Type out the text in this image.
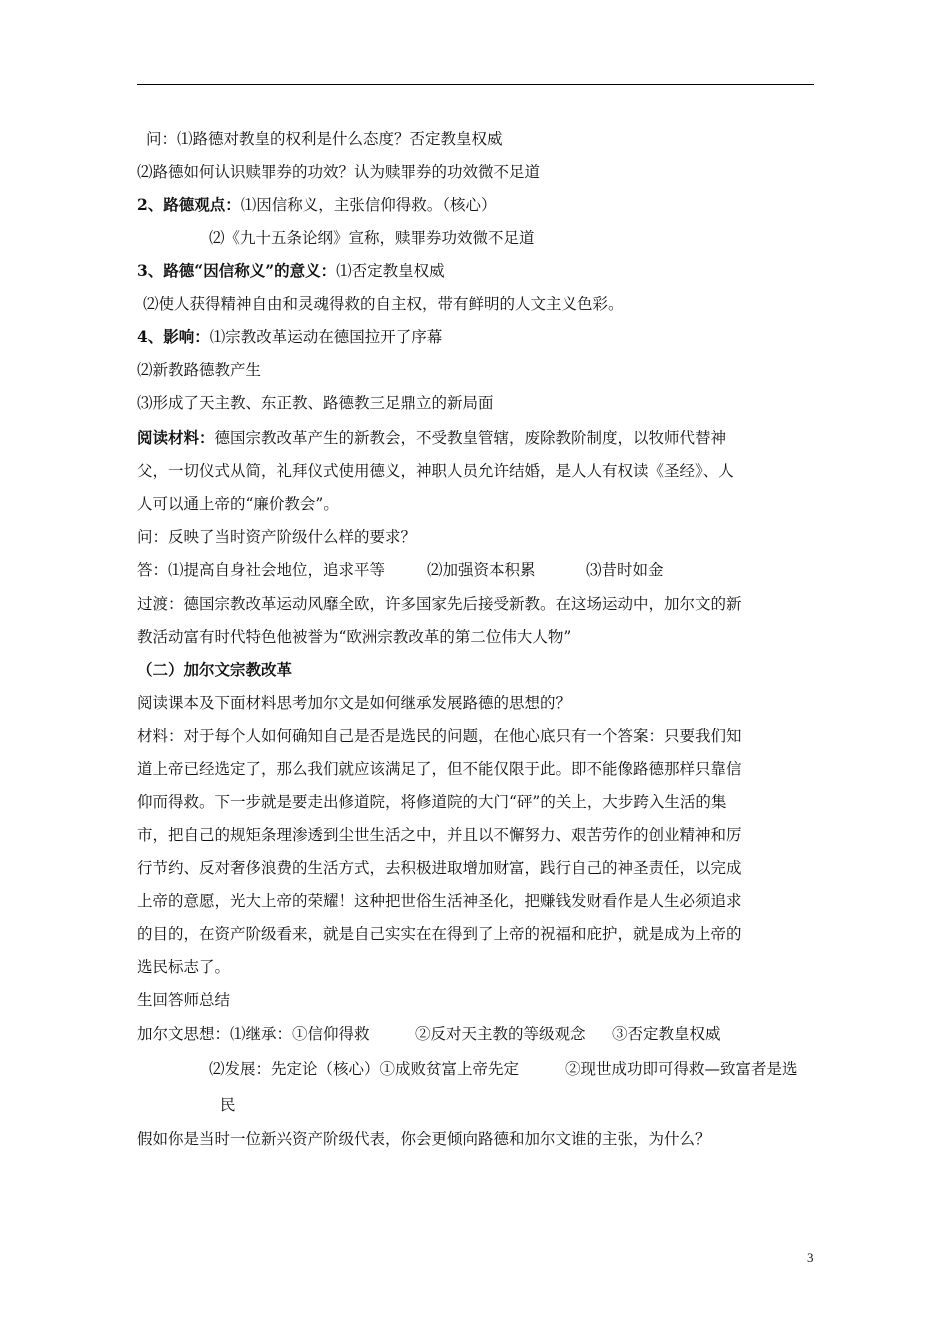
问：⑴路德对教皇的权利是什么态度？否定教皇权威
⑵路德如何认识赎罪券的功效？认为赎罪券的功效微不足道
2、路德观点：⑴因信称义，主张信仰得救。（核心）
⑵《九十五条论纲》宣称，赎罪券功效微不足道
3、路德“因信称义”的意义：⑴否定教皇权威
⑵使人获得精神自由和灵魂得救的自主权，带有鲜明的人文主义色彩。
4、影响：⑴宗教改革运动在德国拉开了序幕
⑵新教路德教产生
⑶形成了天主教、东正教、路德教三足鼎立的新局面
阅读材料：德国宗教改革产生的新教会，不受教皇管辖，废除教阶制度，以牧师代替神
父，一切仪式从简，礼拜仪式使用德义，神职人员允许结婚，是人人有权读《圣经》、人
人可以通上帝的“廉价教会”。
问：反映了当时资产阶级什么样的要求？
答：⑴提高自身社会地位，追求平等	⑵加强资本积累	⑶昔时如金
过渡：德国宗教改革运动风靡全欧，许多国家先后接受新教。在这场运动中，加尔文的新
教活动富有时代特色他被誉为“欧洲宗教改革的第二位伟大人物”
（二）加尔文宗教改革
阅读课本及下面材料思考加尔文是如何继承发展路德的思想的？
材料：对于每个人如何确知自己是否是选民的问题，在他心底只有一个答案：只要我们知
道上帝已经选定了，那么我们就应该满足了，但不能仅限于此。即不能像路德那样只靠信
仰而得救。下一步就是要走出修道院，将修道院的大门“砰”的关上，大步跨入生活的集
市，把自己的规矩条理渗透到尘世生活之中，并且以不懈努力、艰苦劳作的创业精神和厉
行节约、反对奢侈浪费的生活方式，去积极进取增加财富，践行自己的神圣责任，以完成
上帝的意愿，光大上帝的荣耀！这种把世俗生活神圣化，把赚钱发财看作是人生必须追求
的目的，在资产阶级看来，就是自己实实在在得到了上帝的祝福和庇护，就是成为上帝的
选民标志了。
生回答师总结
加尔文思想：⑴继承：①信仰得救	②反对天主教的等级观念 ③否定教皇权威
⑵发展：先定论（核心）①成败贫富上帝先定	②现世成功即可得救—致富者是选
民
假如你是当时一位新兴资产阶级代表，你会更倾向路德和加尔文谁的主张，为什么？
3
